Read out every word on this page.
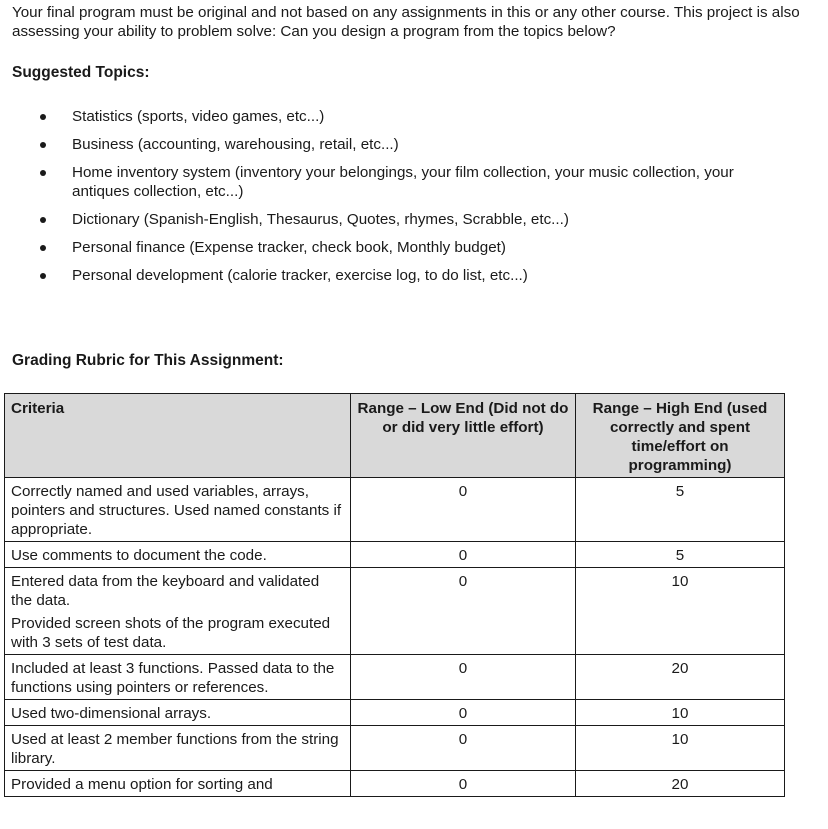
Your final program must be original and not based on any assignments in this or any other course. This project is also assessing your ability to problem solve: Can you design a program from the topics below?

Suggested Topics:
Statistics (sports, video games, etc...)
Business (accounting, warehousing, retail, etc...)
Home inventory system (inventory your belongings, your film collection, your music collection, your antiques collection, etc...)
Dictionary (Spanish-English, Thesaurus, Quotes, rhymes, Scrabble, etc...)
Personal finance (Expense tracker, check book, Monthly budget)
Personal development (calorie tracker, exercise log, to do list, etc...)
Grading Rubric for This Assignment:
Criteria	Range – Low End (Did not do or did very little effort)	Range – High End (used correctly and spent time/effort on programming)
Correctly named and used variables, arrays, pointers and structures. Used named constants if appropriate.	0	5
Use comments to document the code.	0	5
Entered data from the keyboard and validated the data.
Provided screen shots of the program executed with 3 sets of test data.	0	10
Included at least 3 functions. Passed data to the functions using pointers or references.	0	20
Used two-dimensional arrays.	0	10
Used at least 2 member functions from the string library.	0	10
Provided a menu option for sorting and	0	20
